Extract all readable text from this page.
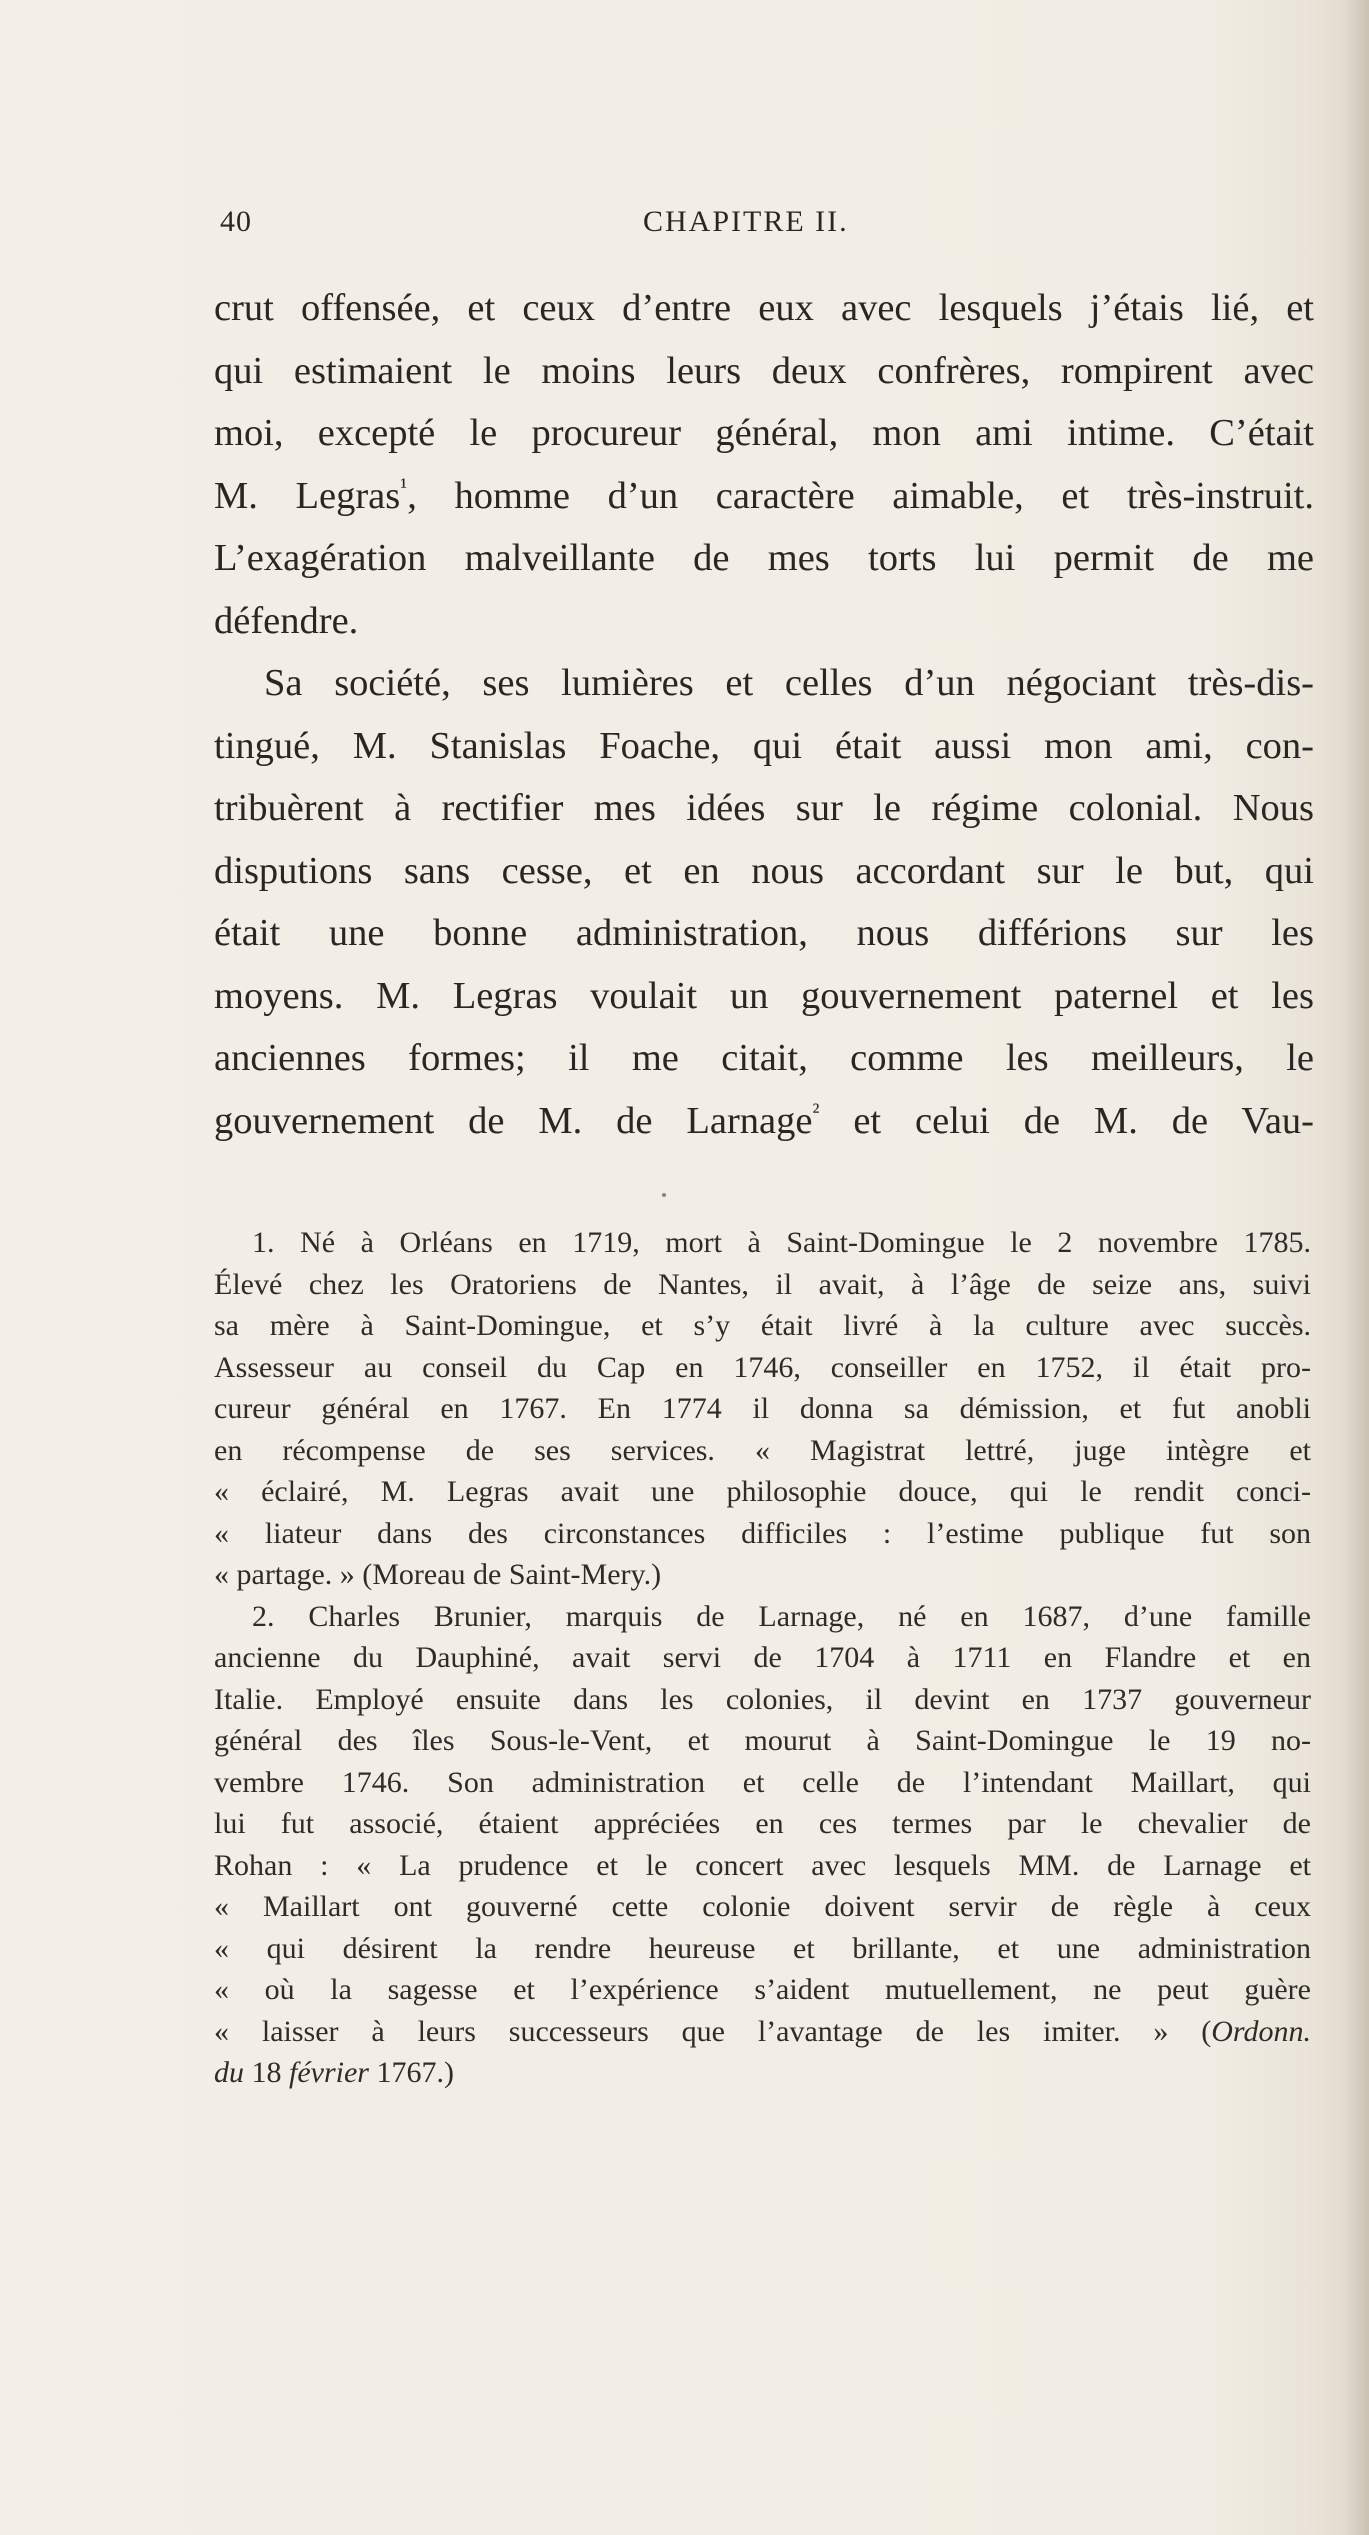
40	CHAPITRE II.
crut offensée, et ceux d’entre eux avec lesquels j’étais lié, et
qui estimaient le moins leurs deux confrères, rompirent avec
moi, excepté le procureur général, mon ami intime. C’était
M. Legras$^{^1}$, homme d’un caractère aimable, et très-instruit.
L’exagération malveillante de mes torts lui permit de me
défendre.
Sa société, ses lumières et celles d’un négociant très-dis-
tingué, M. Stanislas Foache, qui était aussi mon ami, con-
tribuèrent à rectifier mes idées sur le régime colonial. Nous
disputions sans cesse, et en nous accordant sur le but, qui
était une bonne administration, nous différions sur les
moyens. M. Legras voulait un gouvernement paternel et les
anciennes formes; il me citait, comme les meilleurs, le
gouvernement de M. de Larnage$^{^2}$ et celui de M. de Vau-
1. Né à Orléans en 1719, mort à Saint-Domingue le 2 novembre 1785.
Élevé chez les Oratoriens de Nantes, il avait, à l’âge de seize ans, suivi
sa mère à Saint-Domingue, et s’y était livré à la culture avec succès.
Assesseur au conseil du Cap en 1746, conseiller en 1752, il était pro-
cureur général en 1767. En 1774 il donna sa démission, et fut anobli
en récompense de ses services. « Magistrat lettré, juge intègre et
« éclairé, M. Legras avait une philosophie douce, qui le rendit conci-
« liateur dans des circonstances difficiles : l’estime publique fut son
« partage. » (Moreau de Saint-Mery.)
2. Charles Brunier, marquis de Larnage, né en 1687, d’une famille
ancienne du Dauphiné, avait servi de 1704 à 1711 en Flandre et en
Italie. Employé ensuite dans les colonies, il devint en 1737 gouverneur
général des îles Sous-le-Vent, et mourut à Saint-Domingue le 19 no-
vembre 1746. Son administration et celle de l’intendant Maillart, qui
lui fut associé, étaient appréciées en ces termes par le chevalier de
Rohan : « La prudence et le concert avec lesquels MM. de Larnage et
« Maillart ont gouverné cette colonie doivent servir de règle à ceux
« qui désirent la rendre heureuse et brillante, et une administration
« où la sagesse et l’expérience s’aident mutuellement, ne peut guère
« laisser à leurs successeurs que l’avantage de les imiter. » (Ordonn.
du 18 février 1767.)
